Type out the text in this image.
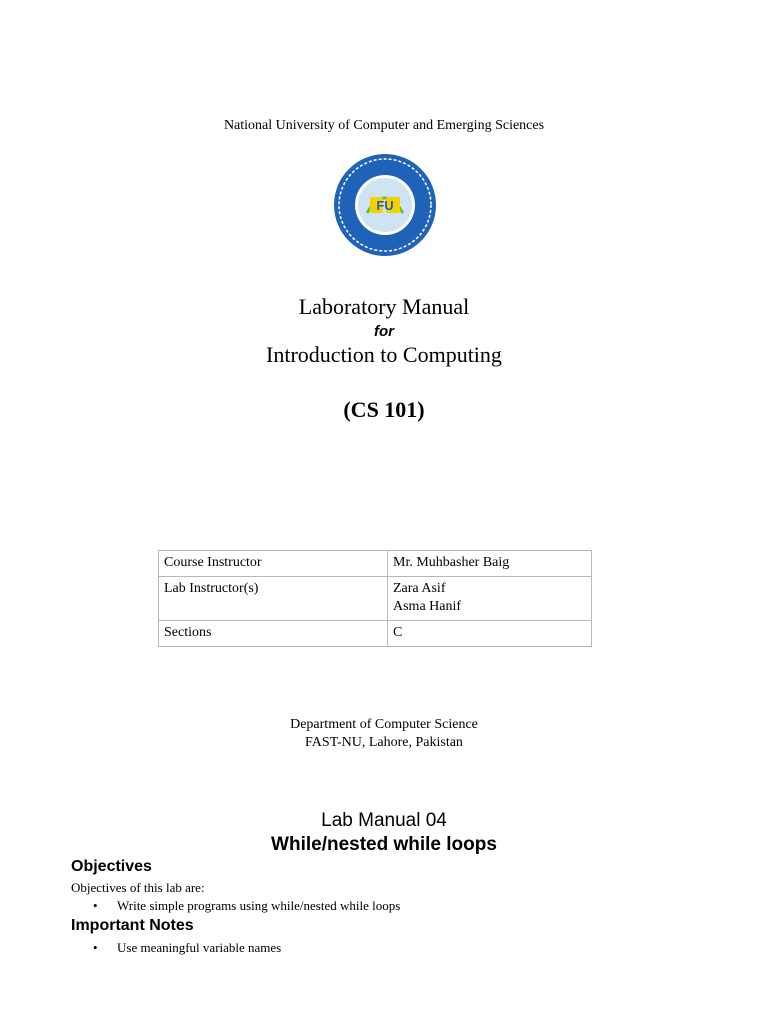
National University of Computer and Emerging Sciences
FU
Laboratory Manual
for
Introduction to Computing
(CS 101)
Course Instructor	Mr. Muhbasher Baig
Lab Instructor(s)	Zara Asif
Asma Hanif

Sections	C
Department of Computer Science
FAST-NU, Lahore, Pakistan
Lab Manual 04
While/nested while loops
Objectives
Objectives of this lab are:
• Write simple programs using while/nested while loops
Important Notes
• Use meaningful variable names
